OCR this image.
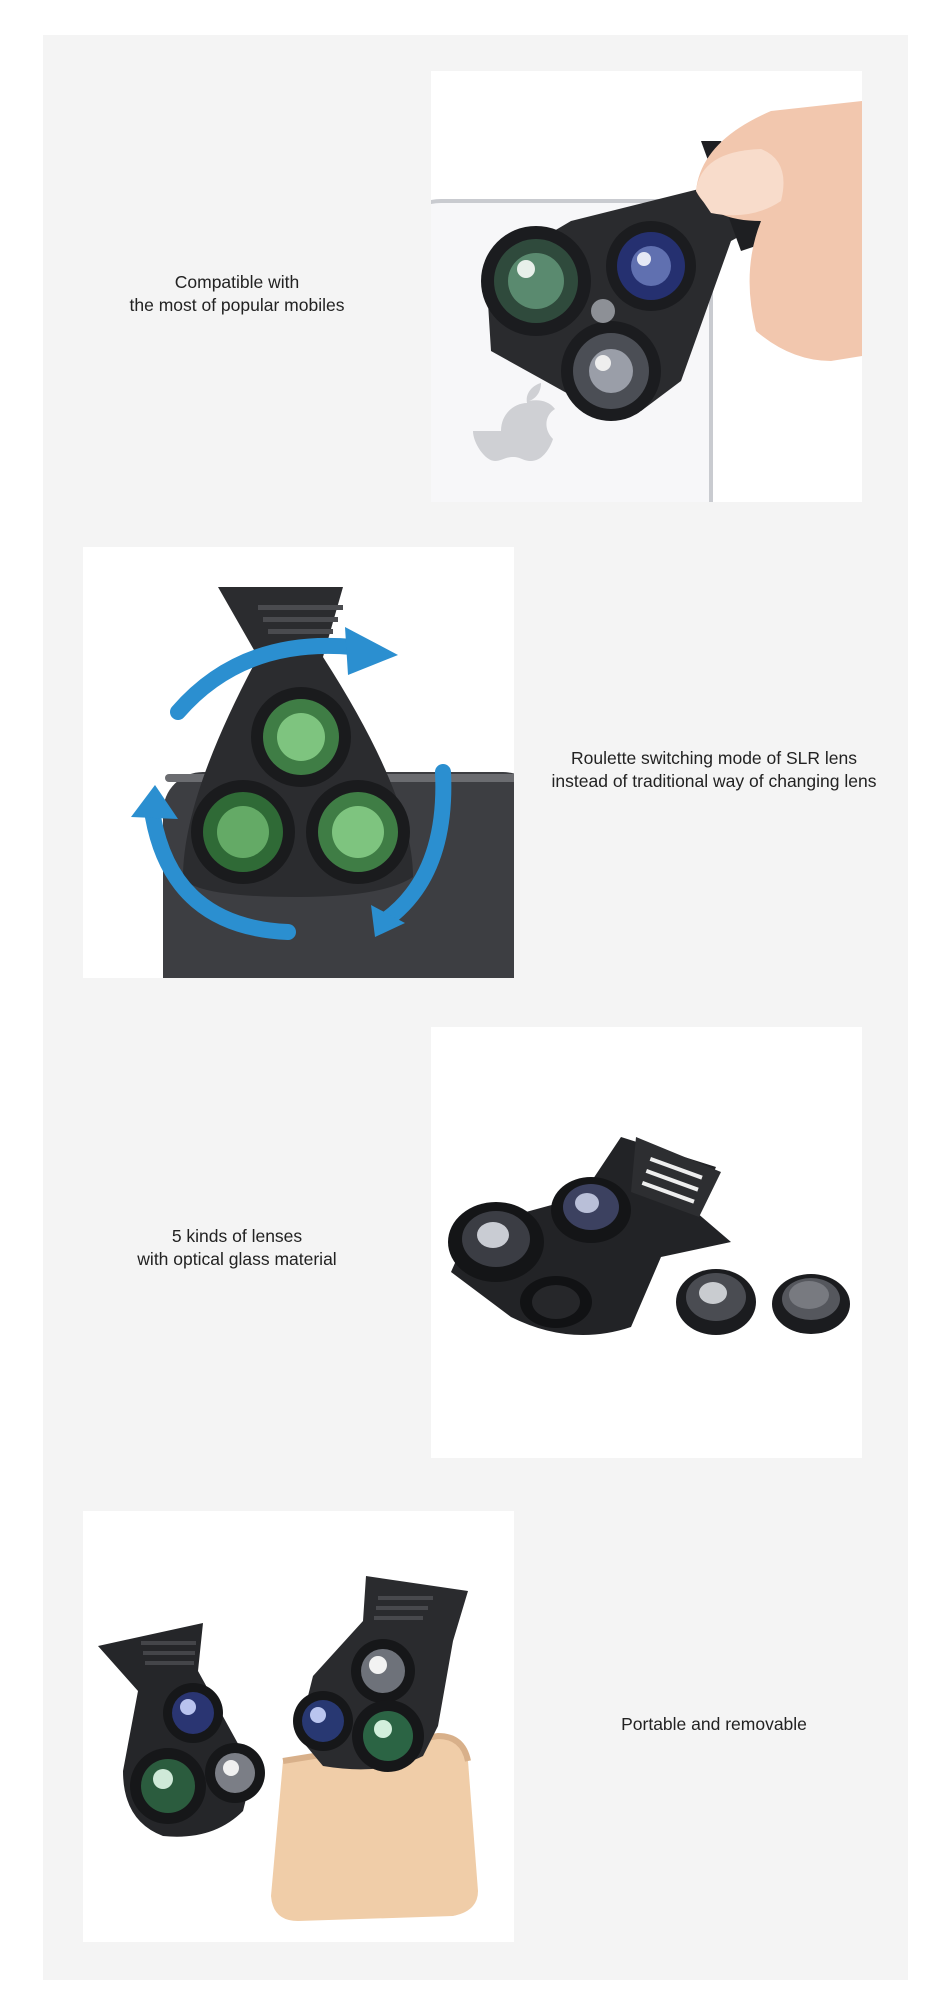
Compatible with
the most of popular mobiles
Roulette switching mode of SLR lens
instead of traditional way of changing lens
5 kinds of lenses
with optical glass material
Portable and removable
